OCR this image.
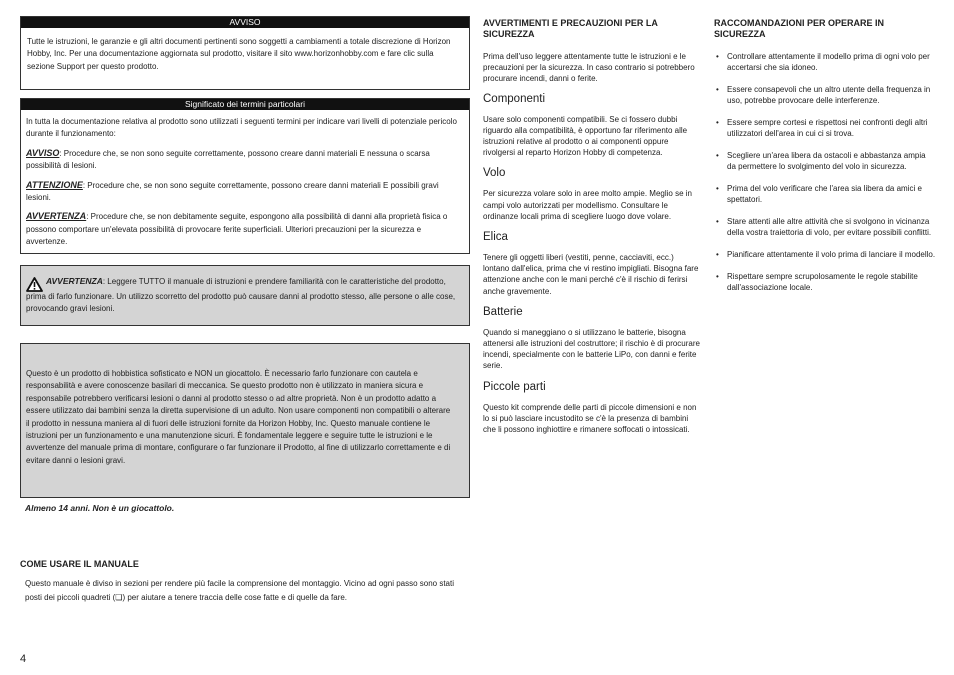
AVVISO

Tutte le istruzioni, le garanzie e gli altri documenti pertinenti sono soggetti a cambiamenti a totale discrezione di Horizon Hobby, Inc. Per una documentazione aggiornata sul prodotto, visitare il sito www.horizonhobby.com e fare clic sulla sezione Support per questo prodotto.

Significato dei termini particolari

In tutta la documentazione relativa al prodotto sono utilizzati i seguenti termini per indicare vari livelli di potenziale pericolo durante il funzionamento:

AVVISO: Procedure che, se non sono seguite correttamente, possono creare danni materiali E nessuna o scarsa possibilità di lesioni.

ATTENZIONE: Procedure che, se non sono seguite correttamente, possono creare danni materiali E possibili gravi lesioni.

AVVERTENZA: Procedure che, se non debitamente seguite, espongono alla possibilità di danni alla proprietà fisica o possono comportare un'elevata possibilità di provocare ferite superficiali. Ulteriori precauzioni per la sicurezza e avvertenze.

AVVERTENZA: Leggere TUTTO il manuale di istruzioni e prendere familiarità con le caratteristiche del prodotto, prima di farlo funzionare. Un utilizzo scorretto del prodotto può causare danni al prodotto stesso, alle persone o alle cose, provocando gravi lesioni.

Questo è un prodotto di hobbistica sofisticato e NON un giocattolo. È necessario farlo funzionare con cautela e responsabilità e avere conoscenze basilari di meccanica. Se questo prodotto non è utilizzato in maniera sicura e responsabile potrebbero verificarsi lesioni o danni al prodotto stesso o ad altre proprietà. Non è un prodotto adatto a essere utilizzato dai bambini senza la diretta supervisione di un adulto. Non usare componenti non compatibili o alterare il prodotto in nessuna maniera al di fuori delle istruzioni fornite da Horizon Hobby, Inc. Questo manuale contiene le istruzioni per un funzionamento e una manutenzione sicuri. È fondamentale leggere e seguire tutte le istruzioni e le avvertenze del manuale prima di montare, configurare o far funzionare il Prodotto, al fine di utilizzarlo correttamente e di evitare danni o lesioni gravi.

Almeno 14 anni. Non è un giocattolo.
COME USARE IL MANUALE

Questo manuale è diviso in sezioni per rendere più facile la comprensione del montaggio. Vicino ad ogni passo sono stati posti dei piccoli quadreti (❏) per aiutare a tenere traccia delle cose fatte e di quelle da fare.

4

AVVERTIMENTI E PRECAUZIONI PER LA SICUREZZA

Prima dell'uso leggere attentamente tutte le istruzioni e le precauzioni per la sicurezza. In caso contrario si potrebbero procurare incendi, danni o ferite.

Componenti

Usare solo componenti compatibili. Se ci fossero dubbi riguardo alla compatibilità, è opportuno far riferimento alle istruzioni relative al prodotto o ai componenti oppure rivolgersi al reparto Horizon Hobby di competenza.

Volo

Per sicurezza volare solo in aree molto ampie. Meglio se in campi volo autorizzati per modellismo. Consultare le ordinanze locali prima di scegliere luogo dove volare.

Elica

Tenere gli oggetti liberi (vestiti, penne, cacciaviti, ecc.) lontano dall'elica, prima che vi restino impigliati. Bisogna fare attenzione anche con le mani perché c'è il rischio di ferirsi anche gravemente.

Batterie

Quando si maneggiano o si utilizzano le batterie, bisogna attenersi alle istruzioni del costruttore; il rischio è di procurare incendi, specialmente con le batterie LiPo, con danni e ferite serie.

Piccole parti

Questo kit comprende delle parti di piccole dimensioni e non lo si può lasciare incustodito se c'è la presenza di bambini che li possono inghiottire e rimanere soffocati o intossicati.

RACCOMANDAZIONI PER OPERARE IN SICUREZZA

• Controllare attentamente il modello prima di ogni volo per accertarsi che sia idoneo.
• Essere consapevoli che un altro utente della frequenza in uso, potrebbe provocare delle interferenze.
• Essere sempre cortesi e rispettosi nei confronti degli altri utilizzatori dell'area in cui ci si trova.
• Scegliere un'area libera da ostacoli e abbastanza ampia da permettere lo svolgimento del volo in sicurezza.
• Prima del volo verificare che l'area sia libera da amici e spettatori.
• Stare attenti alle altre attività che si svolgono in vicinanza della vostra traiettoria di volo, per evitare possibili conflitti.
• Pianificare attentamente il volo prima di lanciare il modello.
• Rispettare sempre scrupolosamente le regole stabilite dall'associazione locale.
